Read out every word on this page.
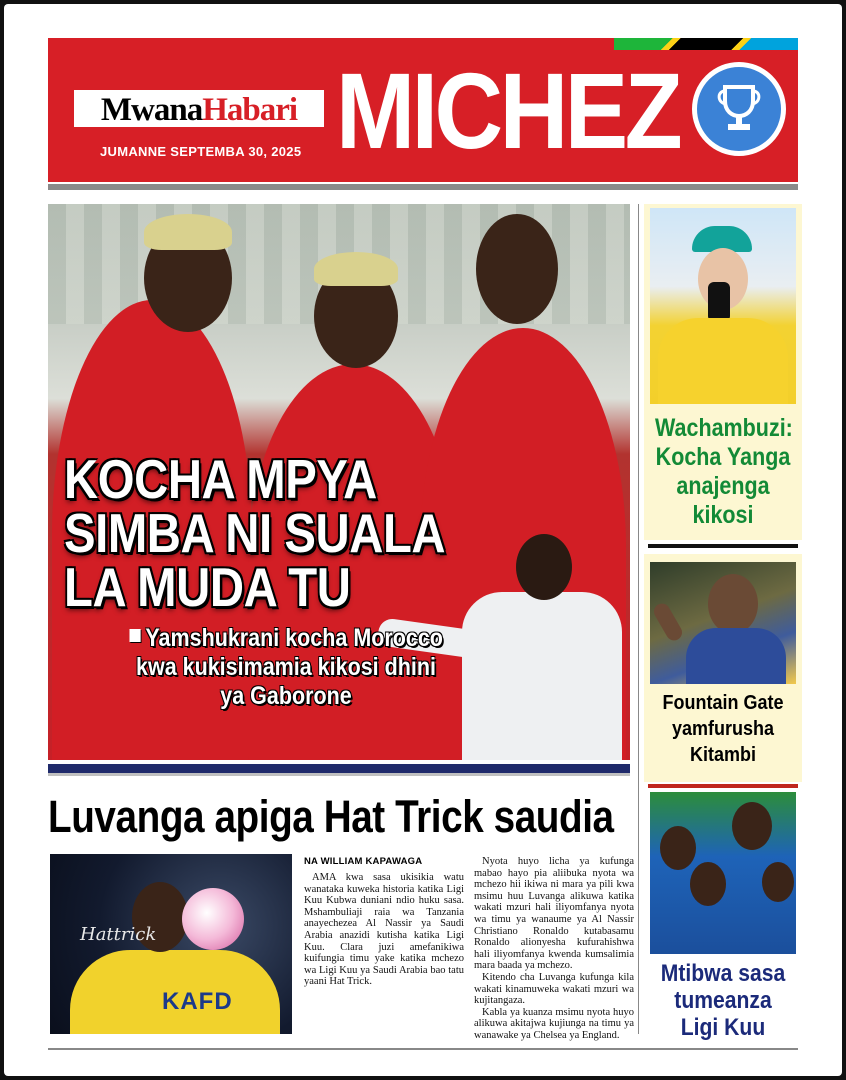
MwanaHabari
JUMANNE SEPTEMBA 30, 2025 MICHEZ
KOCHA MPYA SIMBA NI SUALA LA MUDA TU
Yamshukrani kocha Morocco kwa kukisimamia kikosi dhini ya Gaborone
Wachambuzi: Kocha Yanga anajenga kikosi
Fountain Gate yamfurusha Kitambi
Mtibwa sasa tumeanza Ligi Kuu
Luvanga apiga Hat Trick saudia
KAFD
Hattrick
NA WILLIAM KAPAWAGA

AMA kwa sasa ukisikia watu wanataka kuweka historia katika Ligi Kuu Kubwa duniani ndio huku sasa. Mshambuliaji raia wa Tanzania anayechezea Al Nassir ya Saudi Arabia anazidi kutisha katika Ligi Kuu. Clara juzi amefanikiwa kuifungia timu yake katika mchezo wa Ligi Kuu ya Saudi Arabia bao tatu yaani Hat Trick.

Nyota huyo licha ya kufunga mabao hayo pia aliibuka nyota wa mchezo hii ikiwa ni mara ya pili kwa msimu huu Luvanga alikuwa katika wakati mzuri hali iliyomfanya nyota wa timu ya wanaume ya Al Nassir Christiano Ronaldo kutabasamu Ronaldo alionyesha kufurahishwa hali iliyomfanya kwenda kumsalimia mara baada ya mchezo.

Kitendo cha Luvanga kufunga kila wakati kinamuweka wakati mzuri wa kujitangaza.

Kabla ya kuanza msimu nyota huyo alikuwa akitajwa kujiunga na timu ya wanawake ya Chelsea ya England.
